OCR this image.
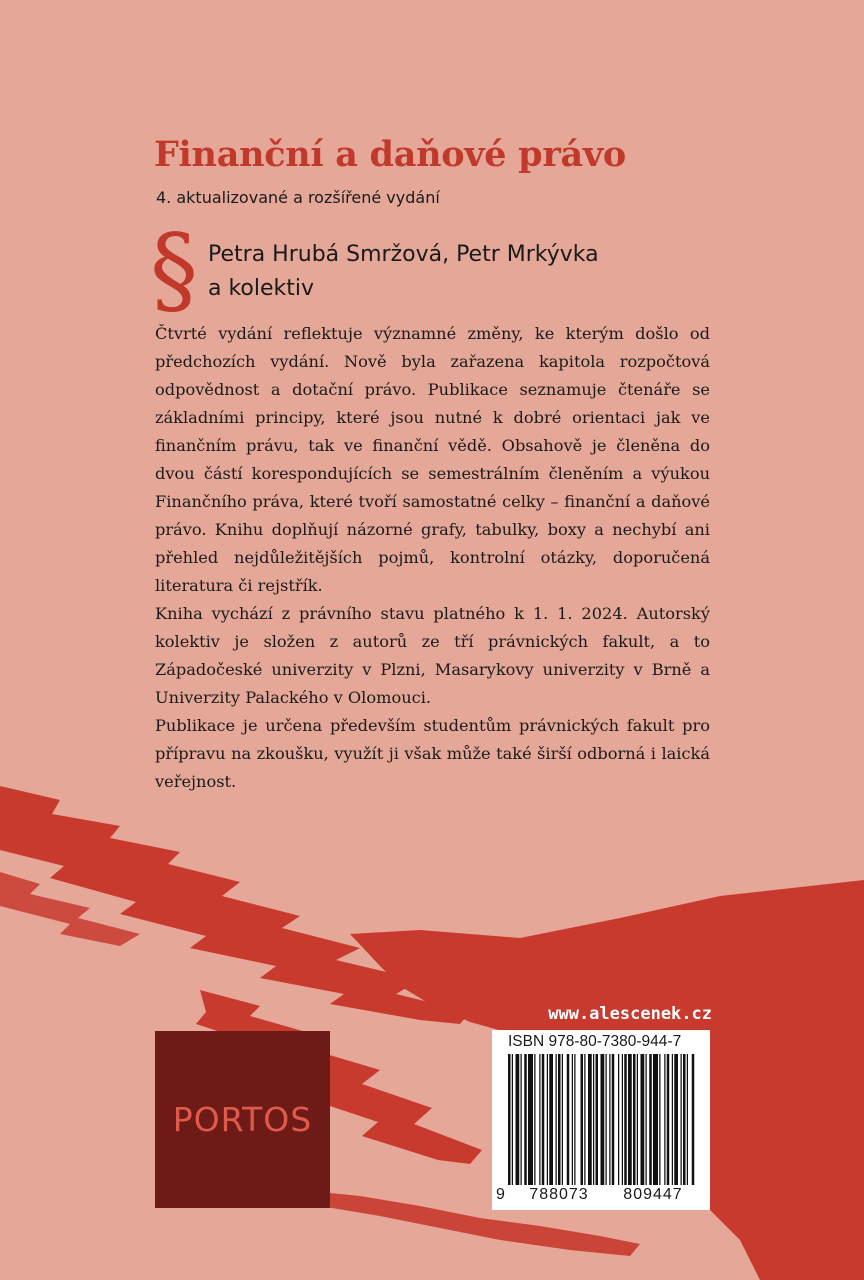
Finanční a daňové právo
4. aktualizované a rozšířené vydání
§ Petra Hrubá Smržová, Petr Mrkývka
a kolektiv

Čtvrté vydání reflektuje významné změny, ke kterým došlo od předchozích vydání. Nově byla zařazena kapitola rozpočtová odpovědnost a dotační právo. Publikace seznamuje čtenáře se základními principy, které jsou nutné k dobré orientaci jak ve finančním právu, tak ve finanční vědě. Obsahově je členěna do dvou částí korespondujících se semestrálním členěním a výukou Finančního práva, které tvoří samostatné celky – finanční a daňové právo. Knihu doplňují názorné grafy, tabulky, boxy a nechybí ani přehled nejdůležitějších pojmů, kontrolní otázky, doporučená literatura či rejstřík.

Kniha vychází z právního stavu platného k 1. 1. 2024. Autorský kolektiv je složen z autorů ze tří právnických fakult, a to Západočeské univerzity v Plzni, Masarykovy univerzity v Brně a Univerzity Palackého v Olomouci.

Publikace je určena především studentům právnických fakult pro přípravu na zkoušku, využít ji však může také širší odborná i laická veřejnost.

PORTOS
www.alescenek.cz
ISBN 978-80-7380-944-7
9	788073	809447
